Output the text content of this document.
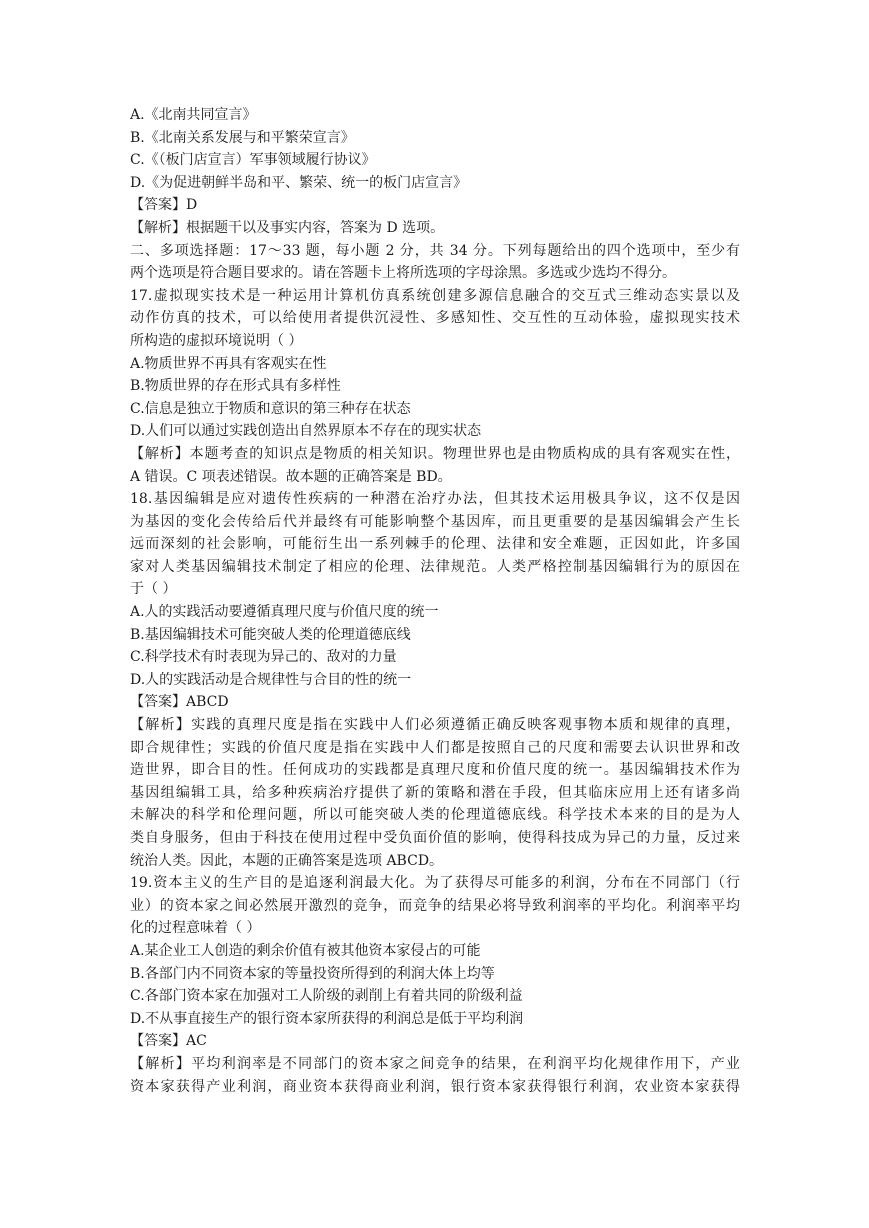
A.《北南共同宣言》
B.《北南关系发展与和平繁荣宣言》
C.《（板门店宣言）军事领域履行协议》
D.《为促进朝鲜半岛和平、繁荣、统一的板门店宣言》
【答案】D
【解析】根据题干以及事实内容，答案为 D 选项。
二、多项选择题：17～33 题，每小题 2 分，共 34 分。下列每题给出的四个选项中，至少有
两个选项是符合题目要求的。请在答题卡上将所选项的字母涂黑。多选或少选均不得分。
17.虚拟现实技术是一种运用计算机仿真系统创建多源信息融合的交互式三维动态实景以及
动作仿真的技术，可以给使用者提供沉浸性、多感知性、交互性的互动体验，虚拟现实技术
所构造的虚拟环境说明（ ）
A.物质世界不再具有客观实在性
B.物质世界的存在形式具有多样性
C.信息是独立于物质和意识的第三种存在状态
D.人们可以通过实践创造出自然界原本不存在的现实状态
【解析】本题考查的知识点是物质的相关知识。物理世界也是由物质构成的具有客观实在性，
A 错误。C 项表述错误。故本题的正确答案是 BD。
18.基因编辑是应对遗传性疾病的一种潜在治疗办法，但其技术运用极具争议，这不仅是因
为基因的变化会传给后代并最终有可能影响整个基因库，而且更重要的是基因编辑会产生长
远而深刻的社会影响，可能衍生出一系列棘手的伦理、法律和安全难题，正因如此，许多国
家对人类基因编辑技术制定了相应的伦理、法律规范。人类严格控制基因编辑行为的原因在
于（ ）
A.人的实践活动要遵循真理尺度与价值尺度的统一
B.基因编辑技术可能突破人类的伦理道德底线
C.科学技术有时表现为异己的、敌对的力量
D.人的实践活动是合规律性与合目的性的统一
【答案】ABCD
【解析】实践的真理尺度是指在实践中人们必须遵循正确反映客观事物本质和规律的真理，
即合规律性；实践的价值尺度是指在实践中人们都是按照自己的尺度和需要去认识世界和改
造世界，即合目的性。任何成功的实践都是真理尺度和价值尺度的统一。基因编辑技术作为
基因组编辑工具，给多种疾病治疗提供了新的策略和潜在手段，但其临床应用上还有诸多尚
未解决的科学和伦理问题，所以可能突破人类的伦理道德底线。科学技术本来的目的是为人
类自身服务，但由于科技在使用过程中受负面价值的影响，使得科技成为异己的力量，反过来
统治人类。因此，本题的正确答案是选项 ABCD。
19.资本主义的生产目的是追逐利润最大化。为了获得尽可能多的利润，分布在不同部门（行
业）的资本家之间必然展开激烈的竞争，而竞争的结果必将导致利润率的平均化。利润率平均
化的过程意味着（ ）
A.某企业工人创造的剩余价值有被其他资本家侵占的可能
B.各部门内不同资本家的等量投资所得到的利润大体上均等
C.各部门资本家在加强对工人阶级的剥削上有着共同的阶级利益
D.不从事直接生产的银行资本家所获得的利润总是低于平均利润
【答案】AC
【解析】平均利润率是不同部门的资本家之间竞争的结果，在利润平均化规律作用下，产业
资本家获得产业利润，商业资本获得商业利润，银行资本家获得银行利润，农业资本家获得
